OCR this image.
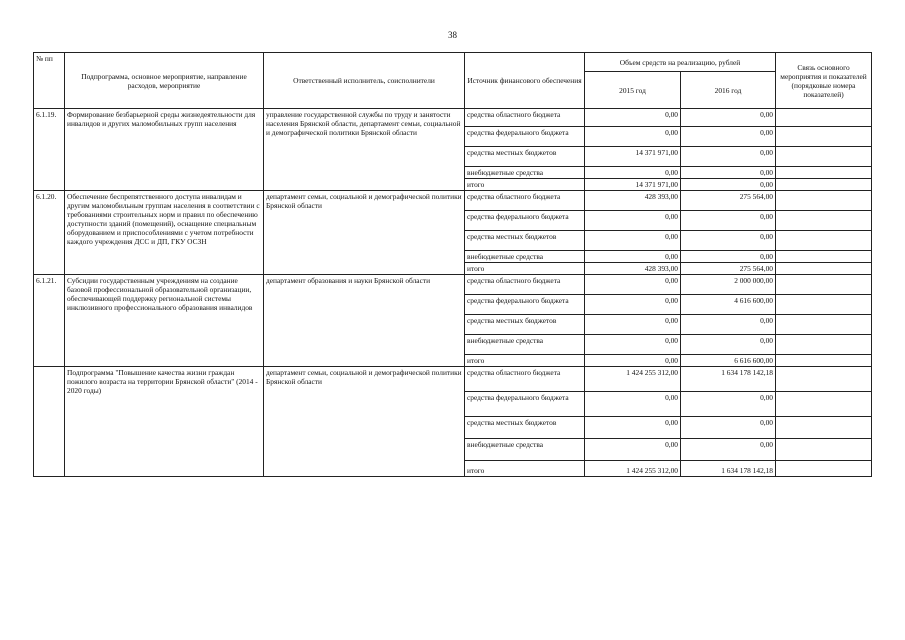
38
№ пп	Подпрограмма, основное мероприятие, направление расходов, мероприятие	Ответственный исполнитель, соисполнители	Источник финансового обеспечения	Объем средств на реализацию, рублей		Связь основного мероприятия и показателей (порядковые номера показателей)
				2015 год	2016 год	
6.1.19.	Формирование безбарьерной среды жизнедеятельности для инвалидов и других маломобильных групп населения	управление государственной службы по труду и занятости населения Брянской области, департамент семьи, социальной и демографической политики Брянской области	средства областного бюджета	0,00	0,00	
			средства федерального бюджета	0,00	0,00	
			средства местных бюджетов	14 371 971,00	0,00	
			внебюджетные средства	0,00	0,00	
			итого	14 371 971,00	0,00	
6.1.20.	Обеспечение беспрепятственного доступа инвалидам и другим маломобильным группам населения в соответствии с требованиями строительных норм и правил по обеспечению доступности зданий (помещений), оснащение специальным оборудованием и приспособлениями с учетом потребности каждого учреждения ДСС и ДП, ГКУ ОСЗН	департамент семьи, социальной и демографической политики Брянской области	средства областного бюджета	428 393,00	275 564,00	
			средства федерального бюджета	0,00	0,00	
			средства местных бюджетов	0,00	0,00	
			внебюджетные средства	0,00	0,00	
			итого	428 393,00	275 564,00	
6.1.21.	Субсидии государственным учреждениям на создание базовой профессиональной образовательной организации, обеспечивающей поддержку региональной системы инклюзивного профессионального образования инвалидов	департамент образования и науки Брянской области	средства областного бюджета	0,00	2 000 000,00	
			средства федерального бюджета	0,00	4 616 600,00	
			средства местных бюджетов	0,00	0,00	
			внебюджетные средства	0,00	0,00	
			итого	0,00	6 616 600,00	
	Подпрограмма "Повышение качества жизни граждан пожилого возраста на территории Брянской области" (2014 - 2020 годы)	департамент семьи, социальной и демографической политики Брянской области	средства областного бюджета	1 424 255 312,00	1 634 178 142,18	
			средства федерального бюджета	0,00	0,00	
			средства местных бюджетов	0,00	0,00	
			внебюджетные средства	0,00	0,00	
			итого	1 424 255 312,00	1 634 178 142,18	
